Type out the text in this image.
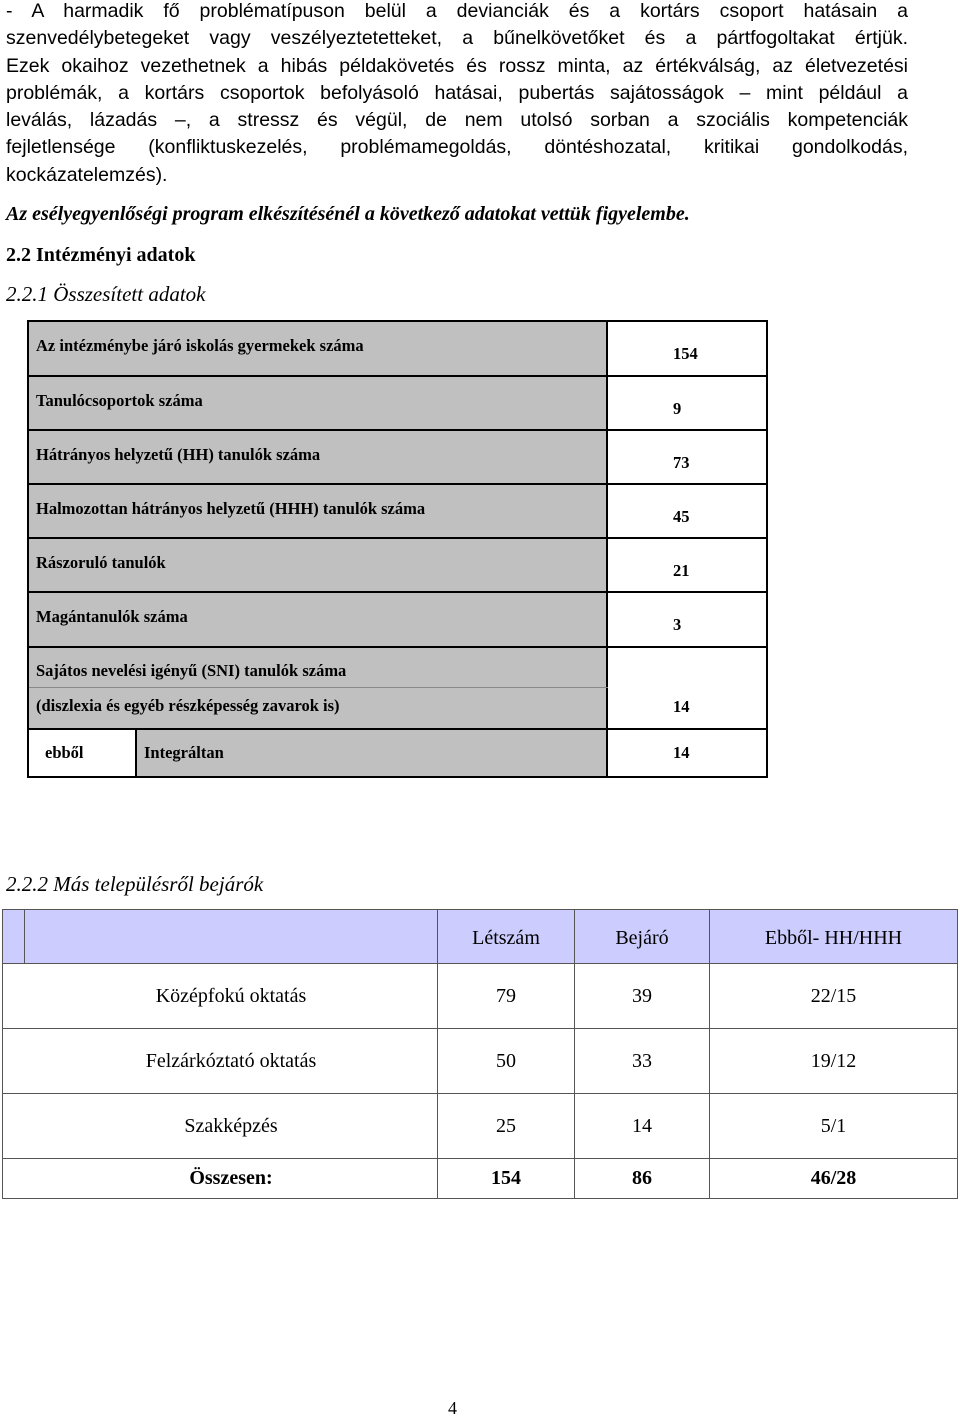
- A harmadik fő problématípuson belül a devianciák és a kortárs csoport hatásain a
szenvedélybetegeket vagy veszélyeztetetteket, a bűnelkövetőket és a pártfogoltakat értjük.
Ezek okaihoz vezethetnek a hibás példakövetés és rossz minta, az értékválság, az életvezetési
problémák, a kortárs csoportok befolyásoló hatásai, pubertás sajátosságok – mint például a
leválás, lázadás –, a stressz és végül, de nem utolsó sorban a szociális kompetenciák
fejletlensége (konfliktuskezelés, problémamegoldás, döntéshozatal, kritikai gondolkodás,
kockázatelemzés).
Az esélyegyenlőségi program elkészítésénél a következő adatokat vettük figyelembe.
2.2 Intézményi adatok
2.2.1 Összesített adatok
Az intézménybe járó iskolás gyermekek száma	154
Tanulócsoportok száma	9
Hátrányos helyzetű (HH) tanulók száma	73
Halmozottan hátrányos helyzetű (HHH) tanulók száma	45
Rászoruló tanulók	21
Magántanulók száma	3
Sajátos nevelési igényű (SNI) tanulók száma
(diszlexia és egyéb részképesség zavarok is)	14
ebből	Integráltan	14
2.2.2 Más településről bejárók
Létszám	Bejáró	Ebből- HH/HHH
Középfokú oktatás	79	39	22/15
Felzárkóztató oktatás	50	33	19/12
Szakképzés	25	14	5/1
Összesen:	154	86	46/28
4
